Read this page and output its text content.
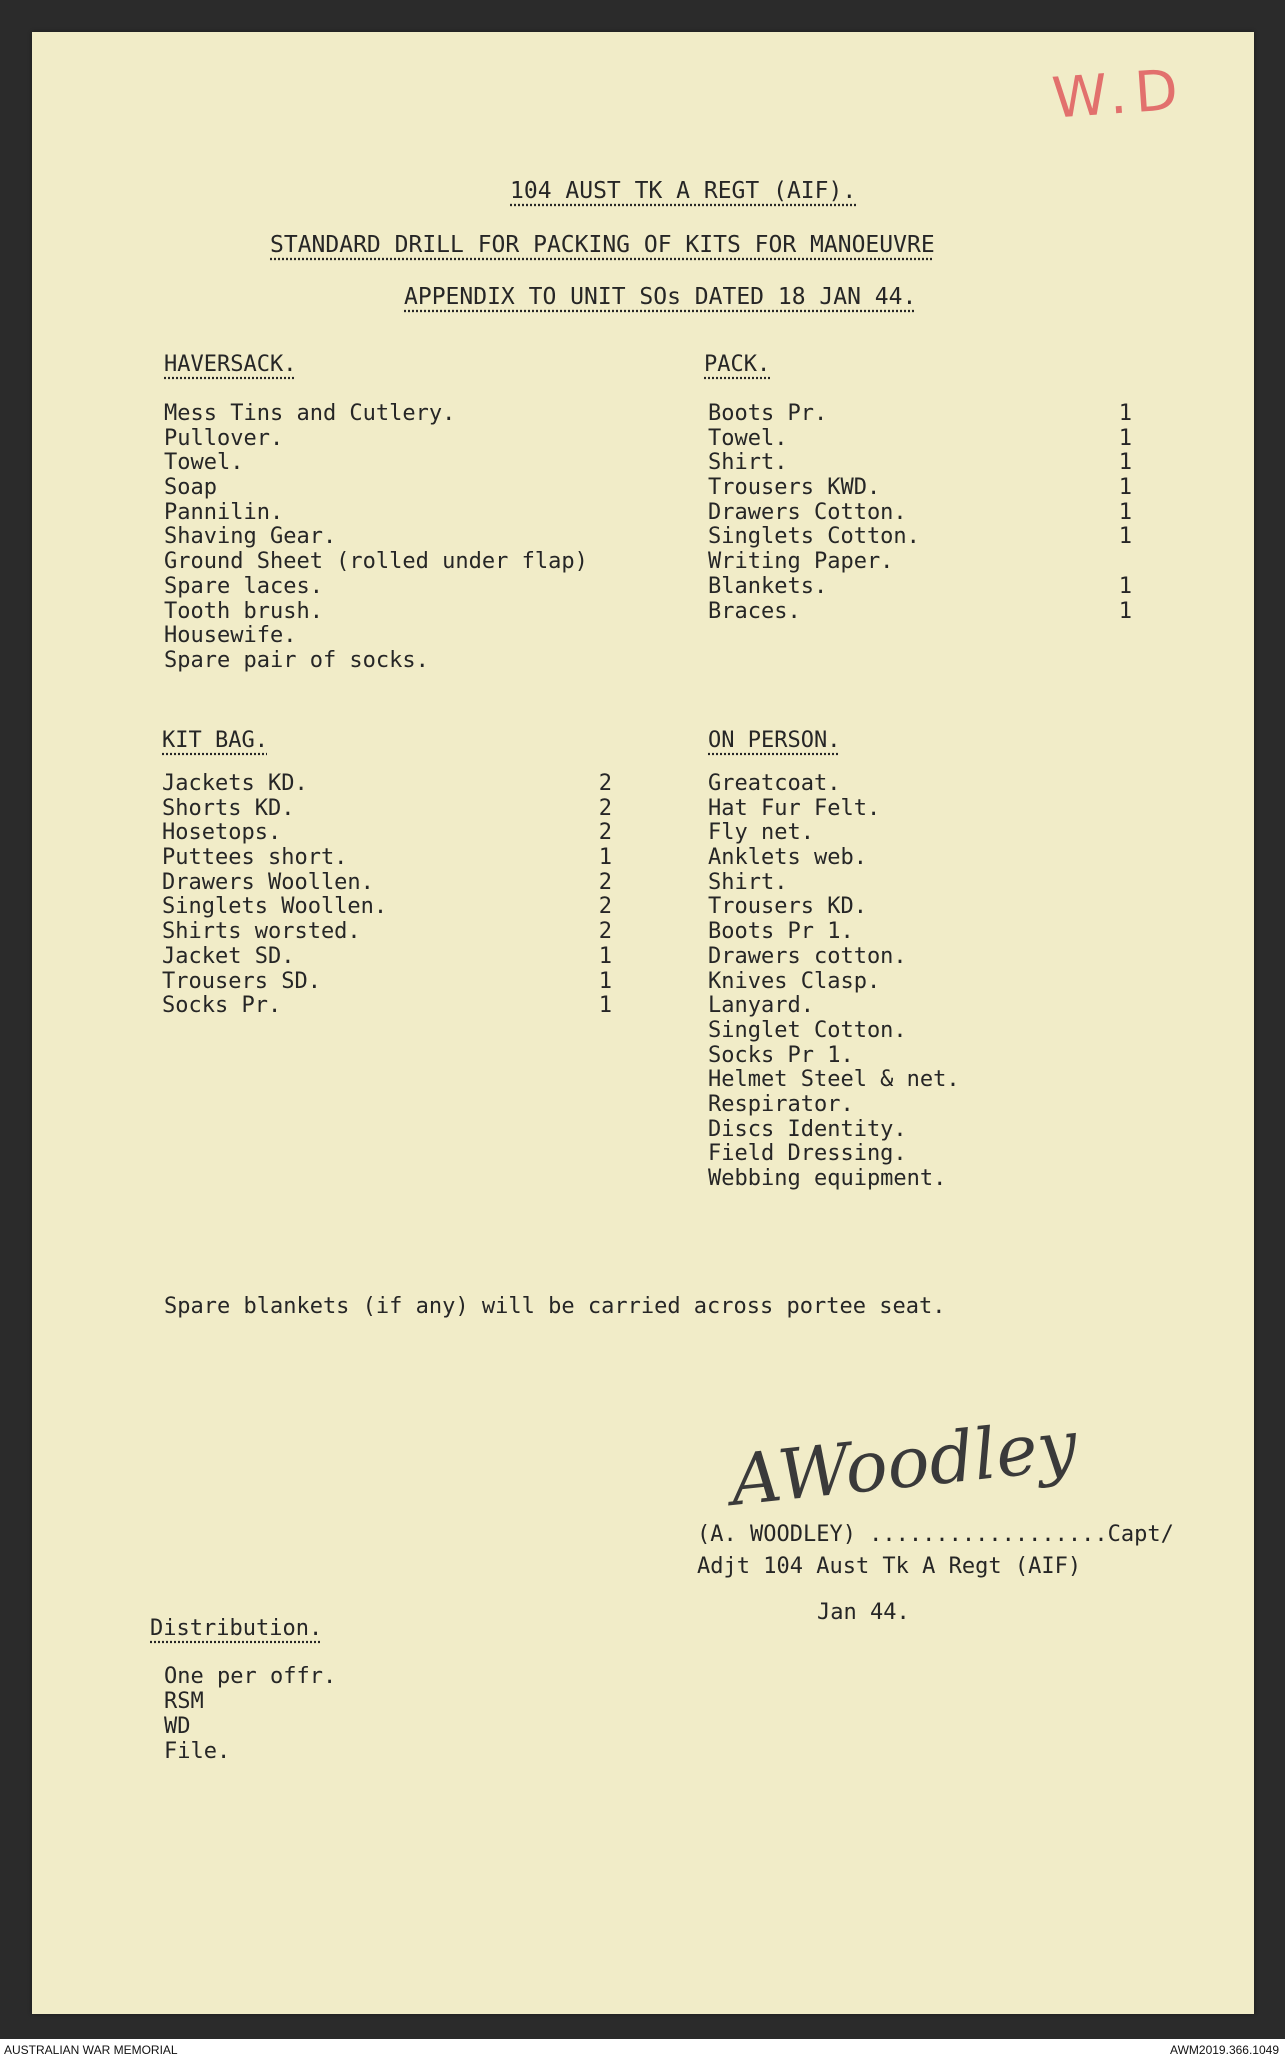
W.D
104 AUST TK A REGT (AIF).
STANDARD DRILL FOR PACKING OF KITS FOR MANOEUVRE
APPENDIX TO UNIT SOs DATED 18 JAN 44.
HAVERSACK.
Mess Tins and Cutlery.
Pullover.
Towel.
Soap
Pannilin.
Shaving Gear.
Ground Sheet (rolled under flap)
Spare laces.
Tooth brush.
Housewife.
Spare pair of socks.
PACK.
Boots Pr.
Towel.
Shirt.
Trousers KWD.
Drawers Cotton.
Singlets Cotton.
Writing Paper.
Blankets.
Braces.
1
1
1
1
1
1
1
1
KIT BAG.
Jackets KD.
Shorts KD.
Hosetops.
Puttees short.
Drawers Woollen.
Singlets Woollen.
Shirts worsted.
Jacket SD.
Trousers SD.
Socks Pr.
2
2
2
1
2
2
2
1
1
1
ON PERSON.
Greatcoat.
Hat Fur Felt.
Fly net.
Anklets web.
Shirt.
Trousers KD.
Boots Pr 1.
Drawers cotton.
Knives Clasp.
Lanyard.
Singlet Cotton.
Socks Pr 1.
Helmet Steel & net.
Respirator.
Discs Identity.
Field Dressing.
Webbing equipment.
Spare blankets (if any) will be carried across portee seat.
AWoodley
(A. WOODLEY) ..................Capt/
Adjt 104 Aust Tk A Regt (AIF)
Jan 44.
Distribution.
One per offr.
RSM
WD
File.
AUSTRALIAN WAR MEMORIAL	AWM2019.366.1049
